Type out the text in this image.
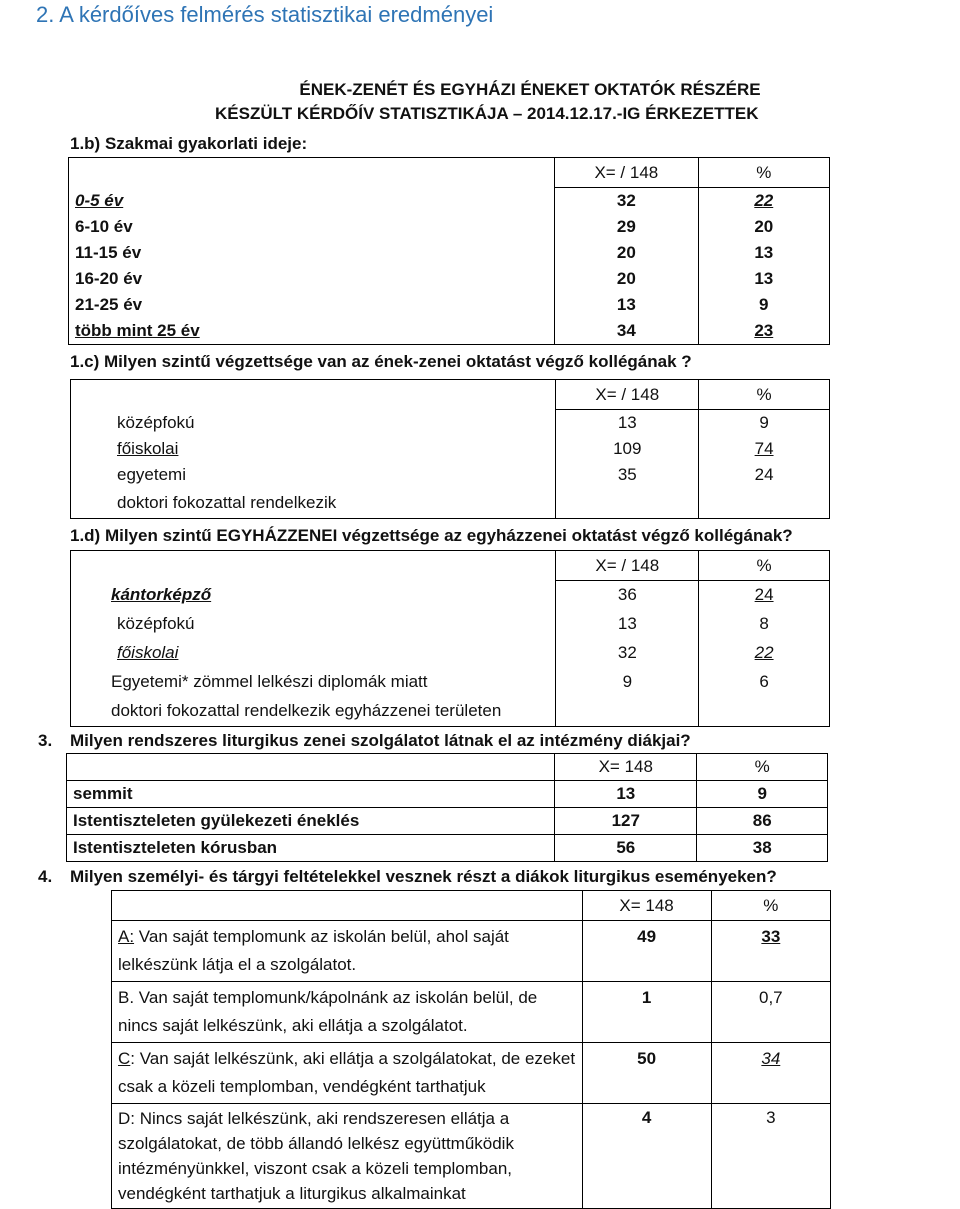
2. A kérdőíves felmérés statisztikai eredményei
ÉNEK-ZENÉT ÉS EGYHÁZI ÉNEKET OKTATÓK RÉSZÉRE
KÉSZÜLT KÉRDŐÍV STATISZTIKÁJA – 2014.12.17.-IG ÉRKEZETTEK
1.b) Szakmai gyakorlati ideje:
	X= / 148	%
0-5 év	32	22
6-10 év	29	20
11-15 év	20	13
16-20 év	20	13
21-25 év	13	9
több mint 25 év	34	23
1.c) Milyen szintű végzettsége van az ének-zenei oktatást végző kollégának ?
	X= / 148	%
középfokú	13	9
főiskolai	109	74
egyetemi	35	24
doktori fokozattal rendelkezik		
1.d) Milyen szintű EGYHÁZZENEI végzettsége az egyházzenei oktatást végző kollégának?
	X= / 148	%
kántorképző	36	24
középfokú	13	8
főiskolai	32	22
Egyetemi* zömmel lelkészi diplomák miatt	9	6
doktori fokozattal rendelkezik egyházzenei területen		
3. Milyen rendszeres liturgikus zenei szolgálatot látnak el az intézmény diákjai?
	X= 148	%
semmit	13	9
Istentiszteleten gyülekezeti éneklés	127	86
Istentiszteleten kórusban	56	38
4. Milyen személyi- és tárgyi feltételekkel vesznek részt a diákok liturgikus eseményeken?
	X= 148	%
A: Van saját templomunk az iskolán belül, ahol saját lelkészünk látja el a szolgálatot.	49	33
B. Van saját templomunk/kápolnánk az iskolán belül, de nincs saját lelkészünk, aki ellátja a szolgálatot.	1	0,7
C: Van saját lelkészünk, aki ellátja a szolgálatokat, de ezeket csak a közeli templomban, vendégként tarthatjuk	50	34
D: Nincs saját lelkészünk, aki rendszeresen ellátja a szolgálatokat, de több állandó lelkész együttműködik intézményünkkel, viszont csak a közeli templomban, vendégként tarthatjuk a liturgikus alkalmainkat	4	3
